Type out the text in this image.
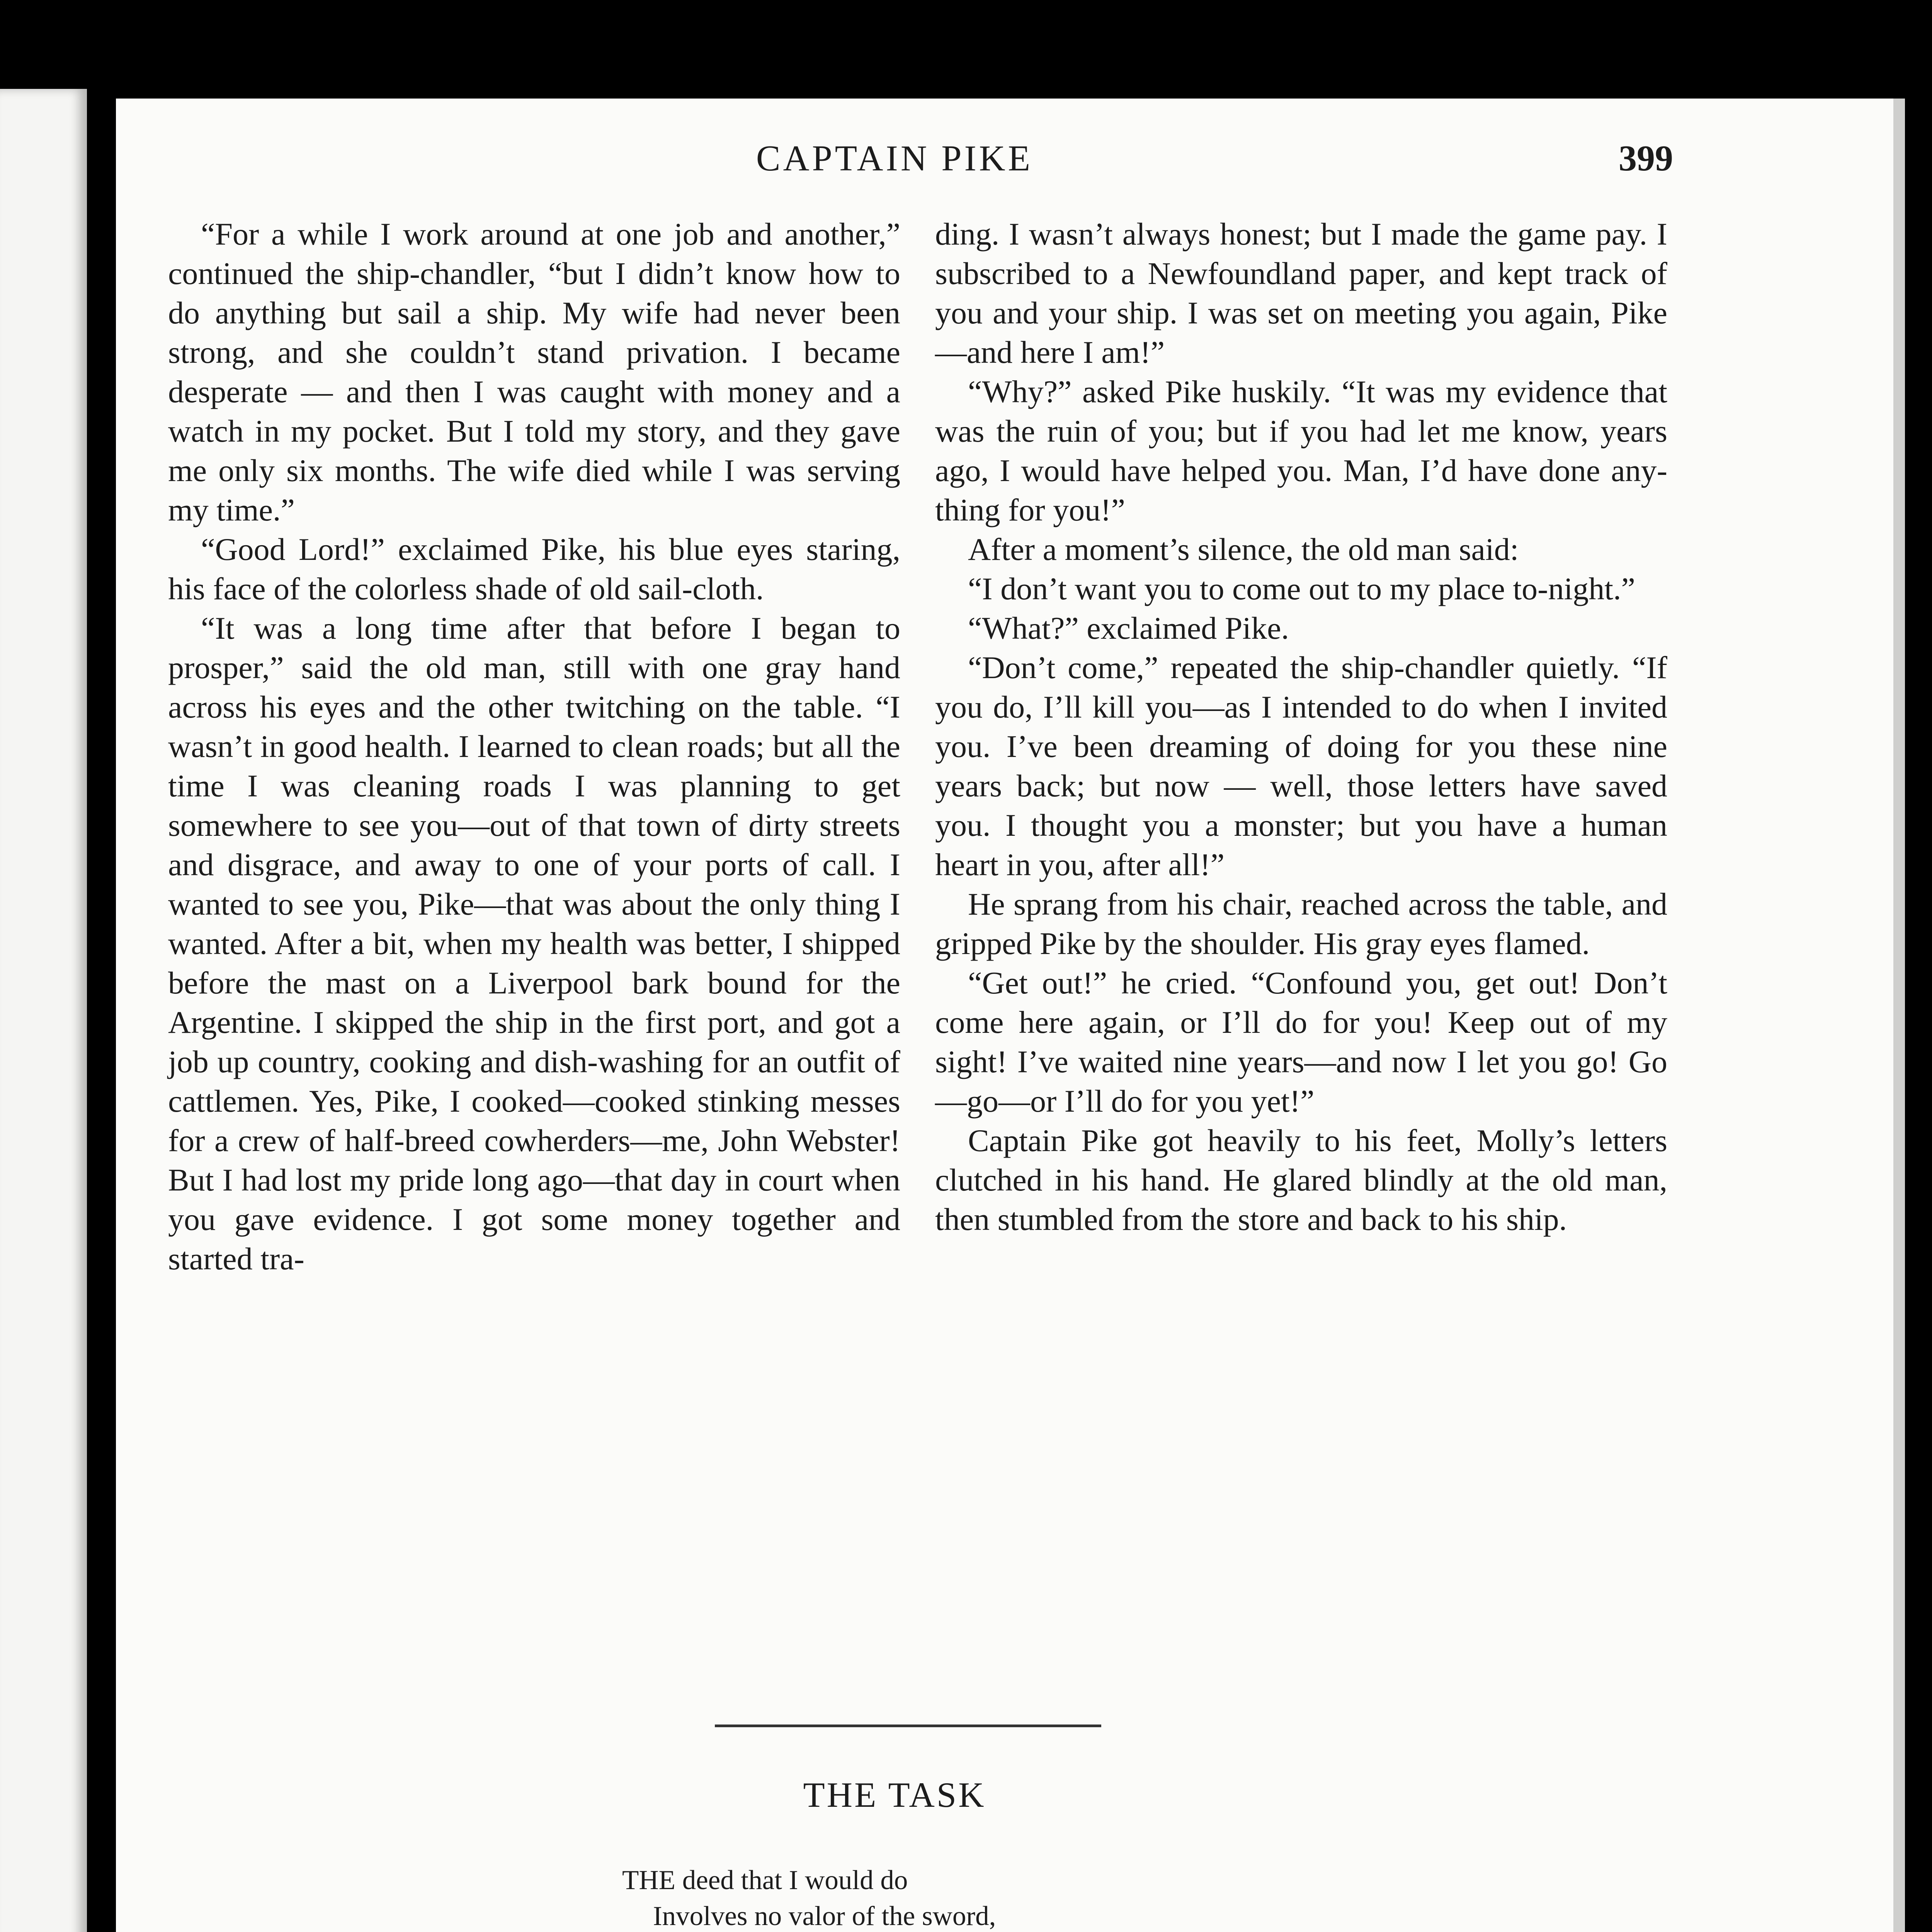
CAPTAIN PIKE	399

“For a while I work around at one job and another,” continued the ship-chandler, “but I didn’t know how to do anything but sail a ship. My wife had never been strong, and she couldn’t stand privation. I became desperate — and then I was caught with money and a watch in my pocket. But I told my story, and they gave me only six months. The wife died while I was serving my time.”

“Good Lord!” exclaimed Pike, his blue eyes staring, his face of the colorless shade of old sail-cloth.

“It was a long time after that before I began to prosper,” said the old man, still with one gray hand across his eyes and the other twitching on the table. “I wasn’t in good health. I learned to clean roads; but all the time I was cleaning roads I was planning to get somewhere to see you—out of that town of dirty streets and disgrace, and away to one of your ports of call. I wanted to see you, Pike—that was about the only thing I wanted. After a bit, when my health was better, I shipped before the mast on a Liverpool bark bound for the Argentine. I skipped the ship in the first port, and got a job up country, cooking and dish-washing for an outfit of cattlemen. Yes, Pike, I cooked—cooked stinking messes for a crew of half-breed cowherders—me, John Webster! But I had lost my pride long ago—that day in court when you gave evidence. I got some money together and started tra-

ding. I wasn’t always honest; but I made the game pay. I subscribed to a Newfoundland paper, and kept track of you and your ship. I was set on meeting you again, Pike —and here I am!”

“Why?” asked Pike huskily. “It was my evidence that was the ruin of you; but if you had let me know, years ago, I would have helped you. Man, I’d have done anything for you!”

After a moment’s silence, the old man said:

“I don’t want you to come out to my place to-night.”

“What?” exclaimed Pike.

“Don’t come,” repeated the ship-chandler quietly. “If you do, I’ll kill you—as I intended to do when I invited you. I’ve been dreaming of doing for you these nine years back; but now — well, those letters have saved you. I thought you a monster; but you have a human heart in you, after all!”

He sprang from his chair, reached across the table, and gripped Pike by the shoulder. His gray eyes flamed.

“Get out!” he cried. “Confound you, get out! Don’t come here again, or I’ll do for you! Keep out of my sight! I’ve waited nine years—and now I let you go! Go—go—or I’ll do for you yet!”

Captain Pike got heavily to his feet, Molly’s letters clutched in his hand. He glared blindly at the old man, then stumbled from the store and back to his ship.

THE TASK
THE deed that I would do
Involves no valor of the sword,
